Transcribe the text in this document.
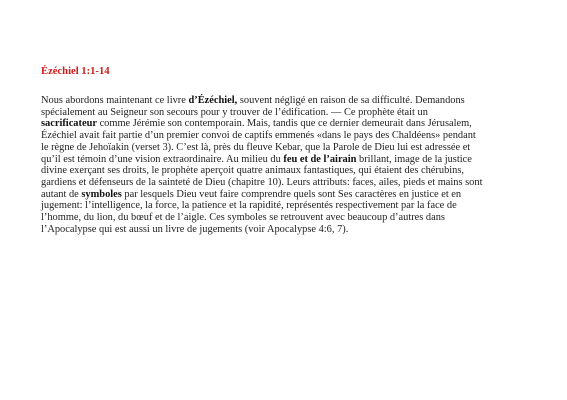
Ézéchiel 1:1-14
Nous abordons maintenant ce livre d’Ézéchiel, souvent négligé en raison de sa difficulté. Demandons
spécialement au Seigneur son secours pour y trouver de l’édification. — Ce prophète était un
sacrificateur comme Jérémie son contemporain. Mais, tandis que ce dernier demeurait dans Jérusalem,
Ézéchiel avait fait partie d’un premier convoi de captifs emmenés «dans le pays des Chaldéens» pendant
le règne de Jehoïakin (verset 3). C’est là, près du fleuve Kebar, que la Parole de Dieu lui est adressée et
qu’il est témoin d’une vision extraordinaire. Au milieu du feu et de l’airain brillant, image de la justice
divine exerçant ses droits, le prophète aperçoit quatre animaux fantastiques, qui étaient des chérubins,
gardiens et défenseurs de la sainteté de Dieu (chapitre 10). Leurs attributs: faces, ailes, pieds et mains sont
autant de symboles par lesquels Dieu veut faire comprendre quels sont Ses caractères en justice et en
jugement: l’intelligence, la force, la patience et la rapidité, représentés respectivement par la face de
l’homme, du lion, du bœuf et de l’aigle. Ces symboles se retrouvent avec beaucoup d’autres dans
l’Apocalypse qui est aussi un livre de jugements (voir Apocalypse 4:6, 7).
